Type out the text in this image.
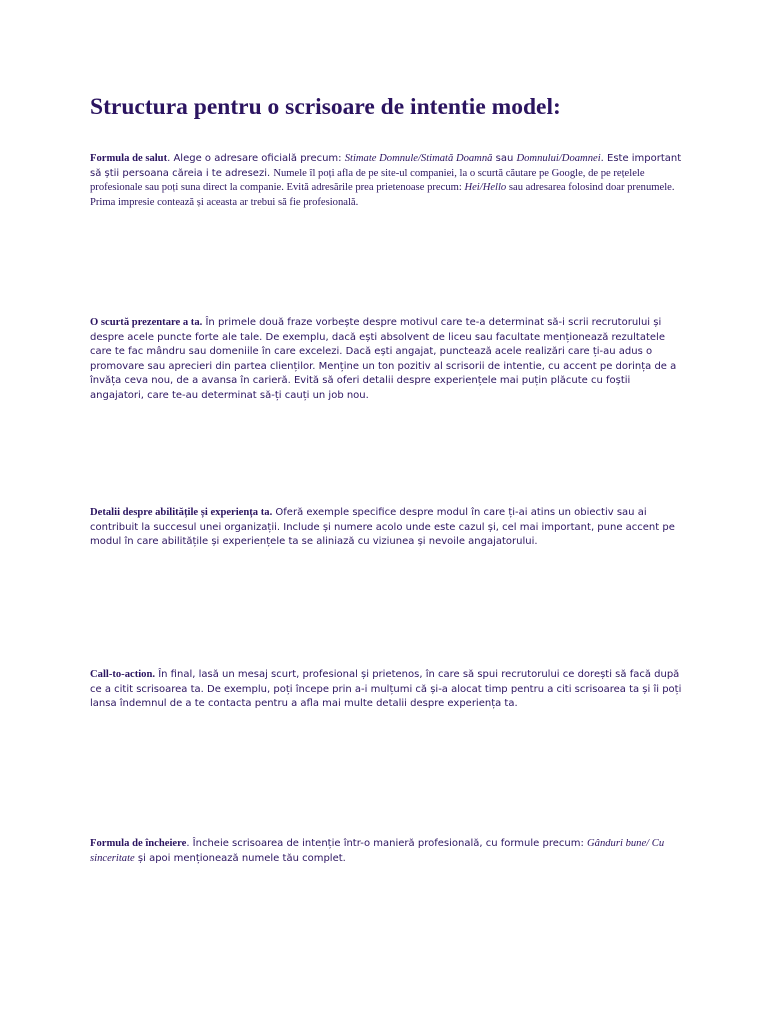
Structura pentru o scrisoare de intentie model:

Formula de salut. Alege o adresare oficială precum: Stimate Domnule/Stimată Doamnă sau Domnului/Doamnei. Este important să știi persoana căreia i te adresezi. Numele îl poți afla de pe site-ul companiei, la o scurtă căutare pe Google, de pe rețelele profesionale sau poți suna direct la companie. Evită adresările prea prietenoase precum: Hei/Hello sau adresarea folosind doar prenumele. Prima impresie contează și aceasta ar trebui să fie profesională.

O scurtă prezentare a ta. În primele două fraze vorbește despre motivul care te-a determinat să-i scrii recrutorului și despre acele puncte forte ale tale. De exemplu, dacă ești absolvent de liceu sau facultate menționează rezultatele care te fac mândru sau domeniile în care excelezi. Dacă ești angajat, punctează acele realizări care ți-au adus o promovare sau aprecieri din partea clienților. Menține un ton pozitiv al scrisorii de intentie, cu accent pe dorința de a învăța ceva nou, de a avansa în carieră. Evită să oferi detalii despre experiențele mai puțin plăcute cu foștii angajatori, care te-au determinat să-ți cauți un job nou.

Detalii despre abilitățile și experiența ta. Oferă exemple specifice despre modul în care ți-ai atins un obiectiv sau ai contribuit la succesul unei organizații. Include și numere acolo unde este cazul și, cel mai important, pune accent pe modul în care abilitățile și experiențele ta se aliniază cu viziunea și nevoile angajatorului.

Call-to-action. În final, lasă un mesaj scurt, profesional și prietenos, în care să spui recrutorului ce dorești să facă după ce a citit scrisoarea ta. De exemplu, poți începe prin a-i mulțumi că și-a alocat timp pentru a citi scrisoarea ta și îi poți lansa îndemnul de a te contacta pentru a afla mai multe detalii despre experiența ta.

Formula de încheiere. Încheie scrisoarea de intenție într-o manieră profesională, cu formule precum: Gânduri bune/ Cu sinceritate și apoi menționează numele tău complet.
